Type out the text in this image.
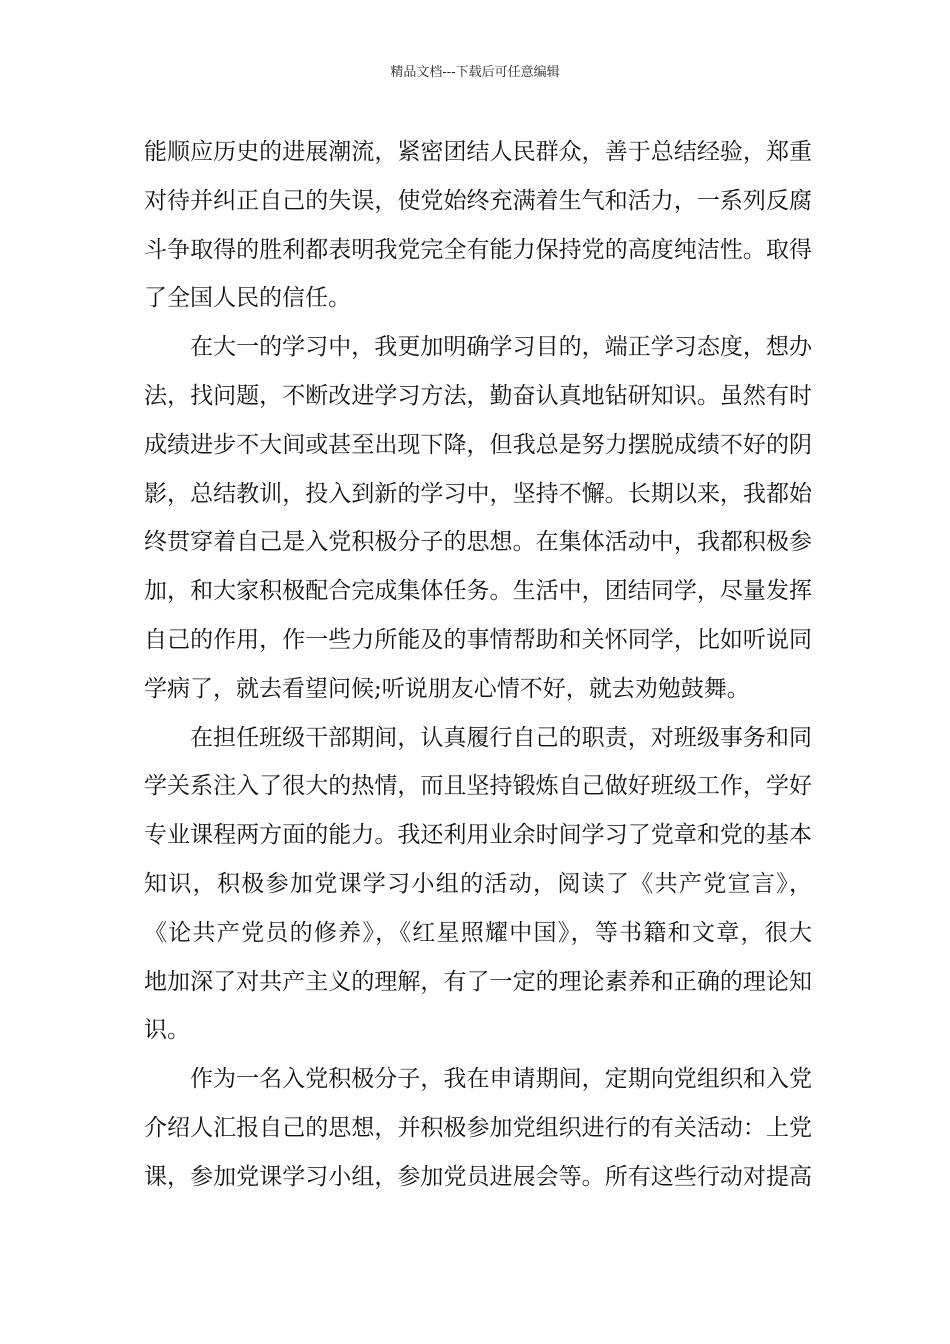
精品文档---下载后可任意编辑
能顺应历史的进展潮流，紧密团结人民群众，善于总结经验，郑重
对待并纠正自己的失误，使党始终充满着生气和活力，一系列反腐
斗争取得的胜利都表明我党完全有能力保持党的高度纯洁性。取得
了全国人民的信任。
在大一的学习中，我更加明确学习目的，端正学习态度，想办
法，找问题，不断改进学习方法，勤奋认真地钻研知识。虽然有时
成绩进步不大间或甚至出现下降，但我总是努力摆脱成绩不好的阴
影，总结教训，投入到新的学习中，坚持不懈。长期以来，我都始
终贯穿着自己是入党积极分子的思想。在集体活动中，我都积极参
加，和大家积极配合完成集体任务。生活中，团结同学，尽量发挥
自己的作用，作一些力所能及的事情帮助和关怀同学，比如听说同
学病了，就去看望问候;听说朋友心情不好，就去劝勉鼓舞。
在担任班级干部期间，认真履行自己的职责，对班级事务和同
学关系注入了很大的热情，而且坚持锻炼自己做好班级工作，学好
专业课程两方面的能力。我还利用业余时间学习了党章和党的基本
知识，积极参加党课学习小组的活动，阅读了《共产党宣言》，
《论共产党员的修养》，《红星照耀中国》，等书籍和文章，很大
地加深了对共产主义的理解，有了一定的理论素养和正确的理论知
识。
作为一名入党积极分子，我在申请期间，定期向党组织和入党
介绍人汇报自己的思想，并积极参加党组织进行的有关活动：上党
课，参加党课学习小组，参加党员进展会等。所有这些行动对提高
